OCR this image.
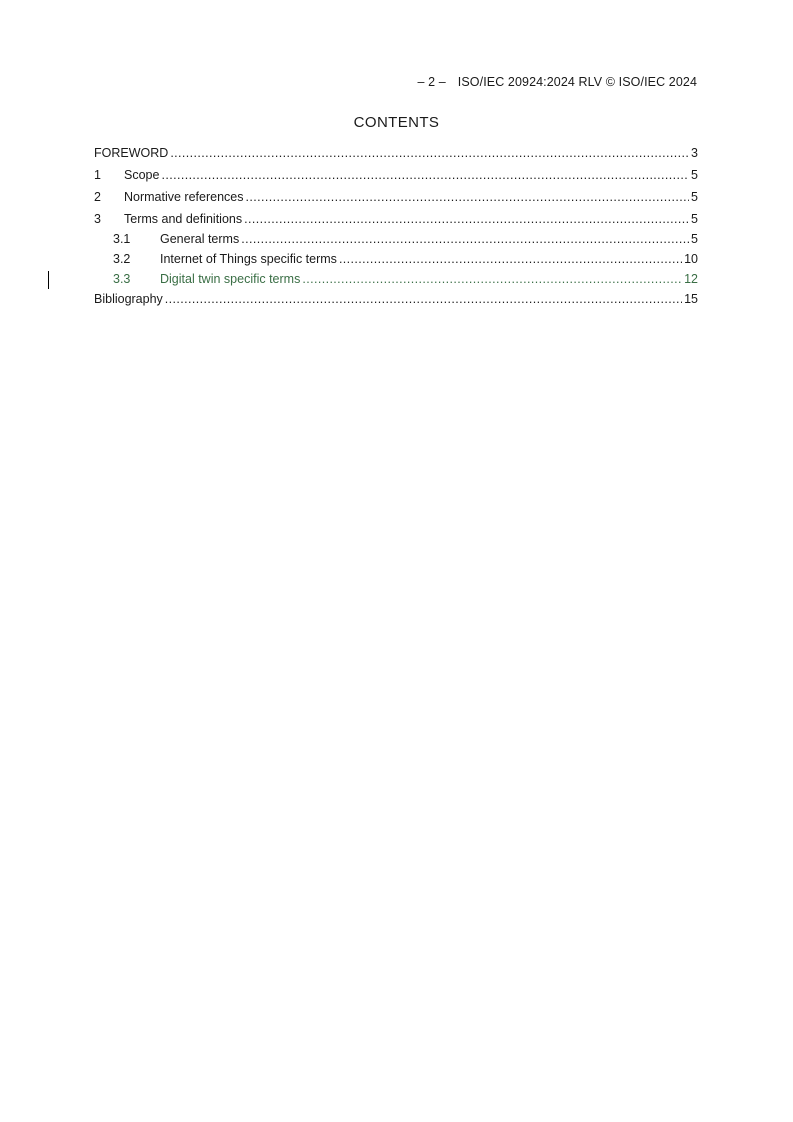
– 2 – ISO/IEC 20924:2024 RLV © ISO/IEC 2024
CONTENTS
FOREWORD .....	3
1	Scope .....	5
2	Normative references .....	5
3	Terms and definitions .....	5
3.1	General terms .....	5
3.2	Internet of Things specific terms .....	10
3.3	Digital twin specific terms .....	12
Bibliography .....	15
